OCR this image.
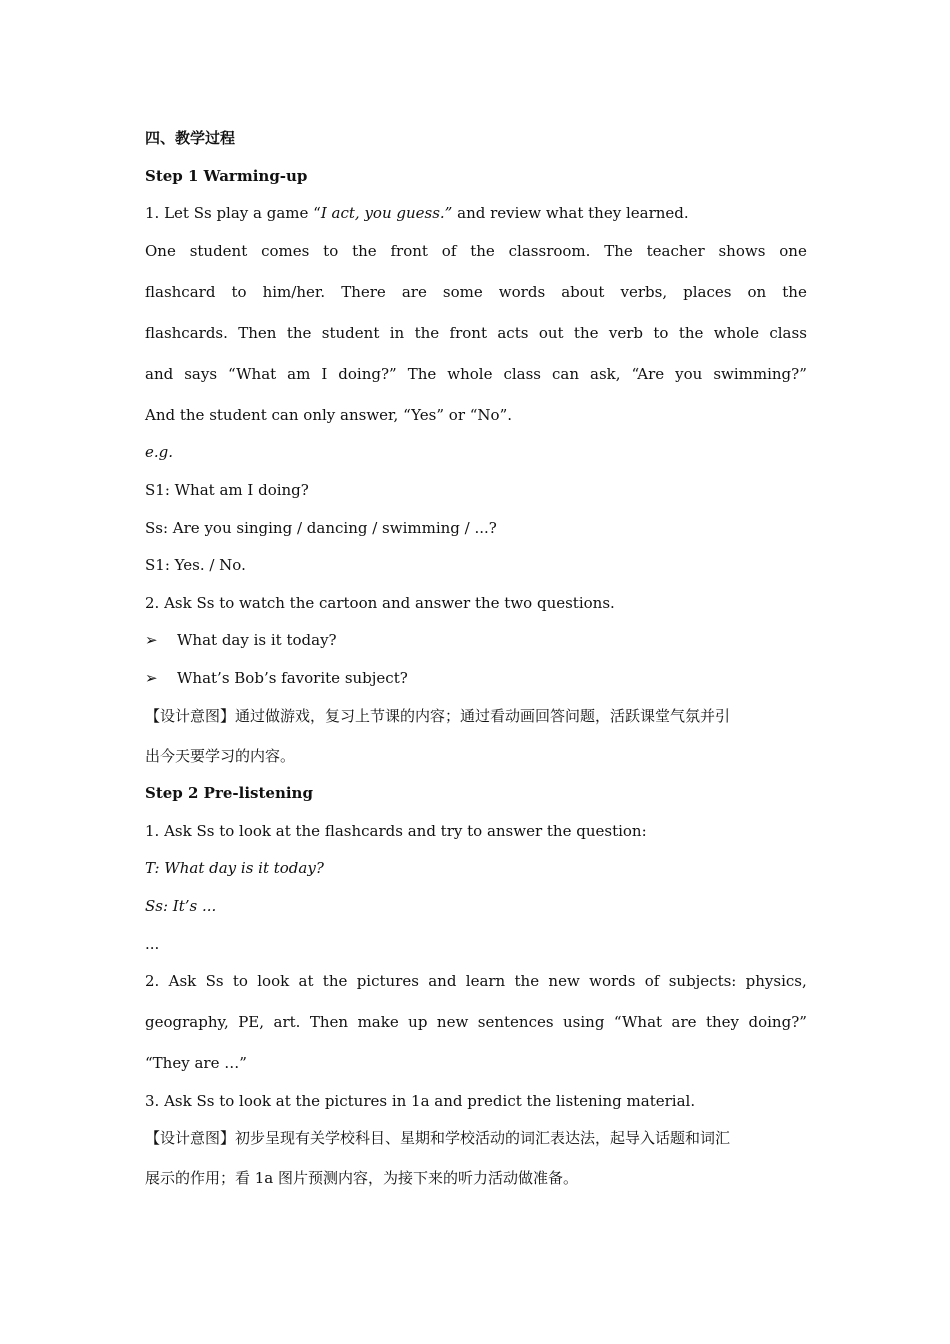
四、教学过程

Step 1 Warming-up

1. Let Ss play a game “I act, you guess.” and review what they learned.

One student comes to the front of the classroom. The teacher shows one

flashcard to him/her. There are some words about verbs, places on the

flashcards. Then the student in the front acts out the verb to the whole class

and says “What am I doing?” The whole class can ask, “Are you swimming?”

And the student can only answer, “Yes” or “No”.

e.g.

S1: What am I doing?

Ss: Are you singing / dancing / swimming / ...?

S1: Yes. / No.

2. Ask Ss to watch the cartoon and answer the two questions.

➢	What day is it today?

➢	What’s Bob’s favorite subject?

【设计意图】通过做游戏，复习上节课的内容；通过看动画回答问题，活跃课堂气氛并引

出今天要学习的内容。

Step 2 Pre-listening

1. Ask Ss to look at the flashcards and try to answer the question:

T: What day is it today?

Ss: It’s ...

...

2. Ask Ss to look at the pictures and learn the new words of subjects: physics,

geography, PE, art. Then make up new sentences using “What are they doing?”

“They are …”

3. Ask Ss to look at the pictures in 1a and predict the listening material.

【设计意图】初步呈现有关学校科目、星期和学校活动的词汇表达法，起导入话题和词汇

展示的作用；看 1a 图片预测内容，为接下来的听力活动做准备。
